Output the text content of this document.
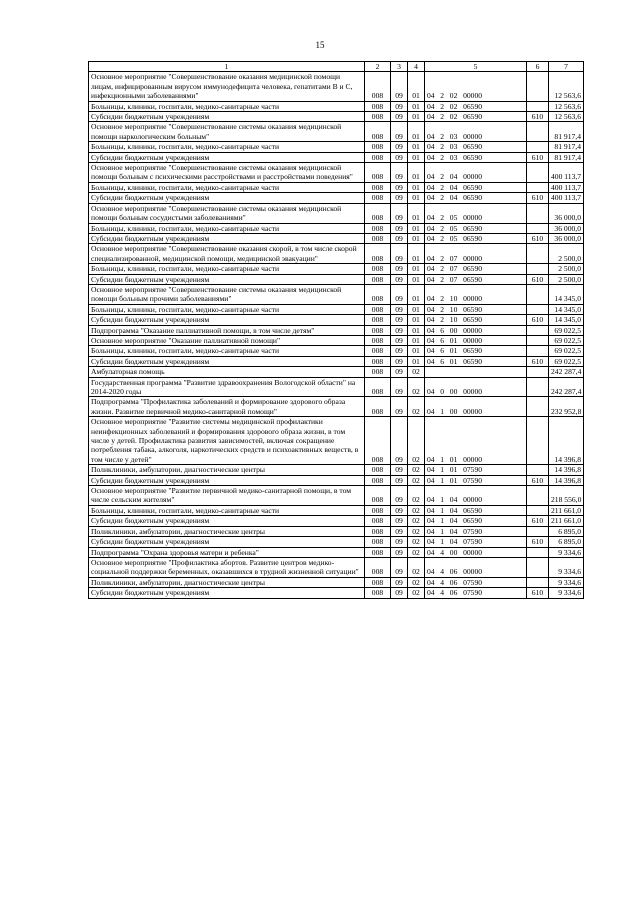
15
1	2	3	4	5	6	7
Основное мероприятие "Совершенствование оказания медицинской помощи лицам, инфицированным вирусом иммунодефицита человека, гепатитами В и С, инфекционными заболеваниями"	008	09	01	04   2   02   00000		12 563,6
Больницы, клиники, госпитали, медико-санитарные части	008	09	01	04   2   02   06590		12 563,6
Субсидии бюджетным учреждениям	008	09	01	04   2   02   06590	610	12 563,6
Основное мероприятие "Совершенствование системы оказания медицинской помощи наркологическим больным"	008	09	01	04   2   03   00000		81 917,4
Больницы, клиники, госпитали, медико-санитарные части	008	09	01	04   2   03   06590		81 917,4
Субсидии бюджетным учреждениям	008	09	01	04   2   03   06590	610	81 917,4
Основное мероприятие "Совершенствование системы оказания медицинской помощи больным с психическими расстройствами и расстройствами поведения"	008	09	01	04   2   04   00000		400 113,7
Больницы, клиники, госпитали, медико-санитарные части	008	09	01	04   2   04   06590		400 113,7
Субсидии бюджетным учреждениям	008	09	01	04   2   04   06590	610	400 113,7
Основное мероприятие "Совершенствование системы оказания медицинской помощи больным сосудистыми заболеваниями"	008	09	01	04   2   05   00000		36 000,0
Больницы, клиники, госпитали, медико-санитарные части	008	09	01	04   2   05   06590		36 000,0
Субсидии бюджетным учреждениям	008	09	01	04   2   05   06590	610	36 000,0
Основное мероприятие "Совершенствование оказания скорой, в том числе скорой специализированной, медицинской помощи, медицинской эвакуации"	008	09	01	04   2   07   00000		2 500,0
Больницы, клиники, госпитали, медико-санитарные части	008	09	01	04   2   07   06590		2 500,0
Субсидии бюджетным учреждениям	008	09	01	04   2   07   06590	610	2 500,0
Основное мероприятие "Совершенствование системы оказания медицинской помощи больным прочими заболеваниями"	008	09	01	04   2   10   00000		14 345,0
Больницы, клиники, госпитали, медико-санитарные части	008	09	01	04   2   10   06590		14 345,0
Субсидии бюджетным учреждениям	008	09	01	04   2   10   06590	610	14 345,0
Подпрограмма "Оказание паллиативной помощи, в том числе детям"	008	09	01	04   6   00   00000		69 022,5
Основное мероприятие "Оказание паллиативной помощи"	008	09	01	04   6   01   00000		69 022,5
Больницы, клиники, госпитали, медико-санитарные части	008	09	01	04   6   01   06590		69 022,5
Субсидии бюджетным учреждениям	008	09	01	04   6   01   06590	610	69 022,5
Амбулаторная помощь	008	09	02			242 287,4
Государственная программа "Развитие здравоохранения Вологодской области" на 2014-2020 годы	008	09	02	04   0   00   00000		242 287,4
Подпрограмма "Профилактика заболеваний и формирование здорового образа жизни. Развитие первичной медико-санитарной помощи"	008	09	02	04   1   00   00000		232 952,8
Основное мероприятие "Развитие системы медицинской профилактики неинфекционных заболеваний и формирования здорового образа жизни, в том числе у детей. Профилактика развития зависимостей, включая сокращение потребления табака, алкоголя, наркотических средств и психоактивных веществ, в том числе у детей"	008	09	02	04   1   01   00000		14 396,8
Поликлиники, амбулатории, диагностические центры	008	09	02	04   1   01   07590		14 396,8
Субсидии бюджетным учреждениям	008	09	02	04   1   01   07590	610	14 396,8
Основное мероприятие "Развитие первичной медико-санитарной помощи, в том числе сельским жителям"	008	09	02	04   1   04   00000		218 556,0
Больницы, клиники, госпитали, медико-санитарные части	008	09	02	04   1   04   06590		211 661,0
Субсидии бюджетным учреждениям	008	09	02	04   1   04   06590	610	211 661,0
Поликлиники, амбулатории, диагностические центры	008	09	02	04   1   04   07590		6 895,0
Субсидии бюджетным учреждениям	008	09	02	04   1   04   07590	610	6 895,0
Подпрограмма "Охрана здоровья матери и ребенка"	008	09	02	04   4   00   00000		9 334,6
Основное мероприятие "Профилактика абортов. Развитие центров медико-социальной поддержки беременных, оказавшихся в трудной жизненной ситуации"	008	09	02	04   4   06   00000		9 334,6
Поликлиники, амбулатории, диагностические центры	008	09	02	04   4   06   07590		9 334,6
Субсидии бюджетным учреждениям	008	09	02	04   4   06   07590	610	9 334,6
